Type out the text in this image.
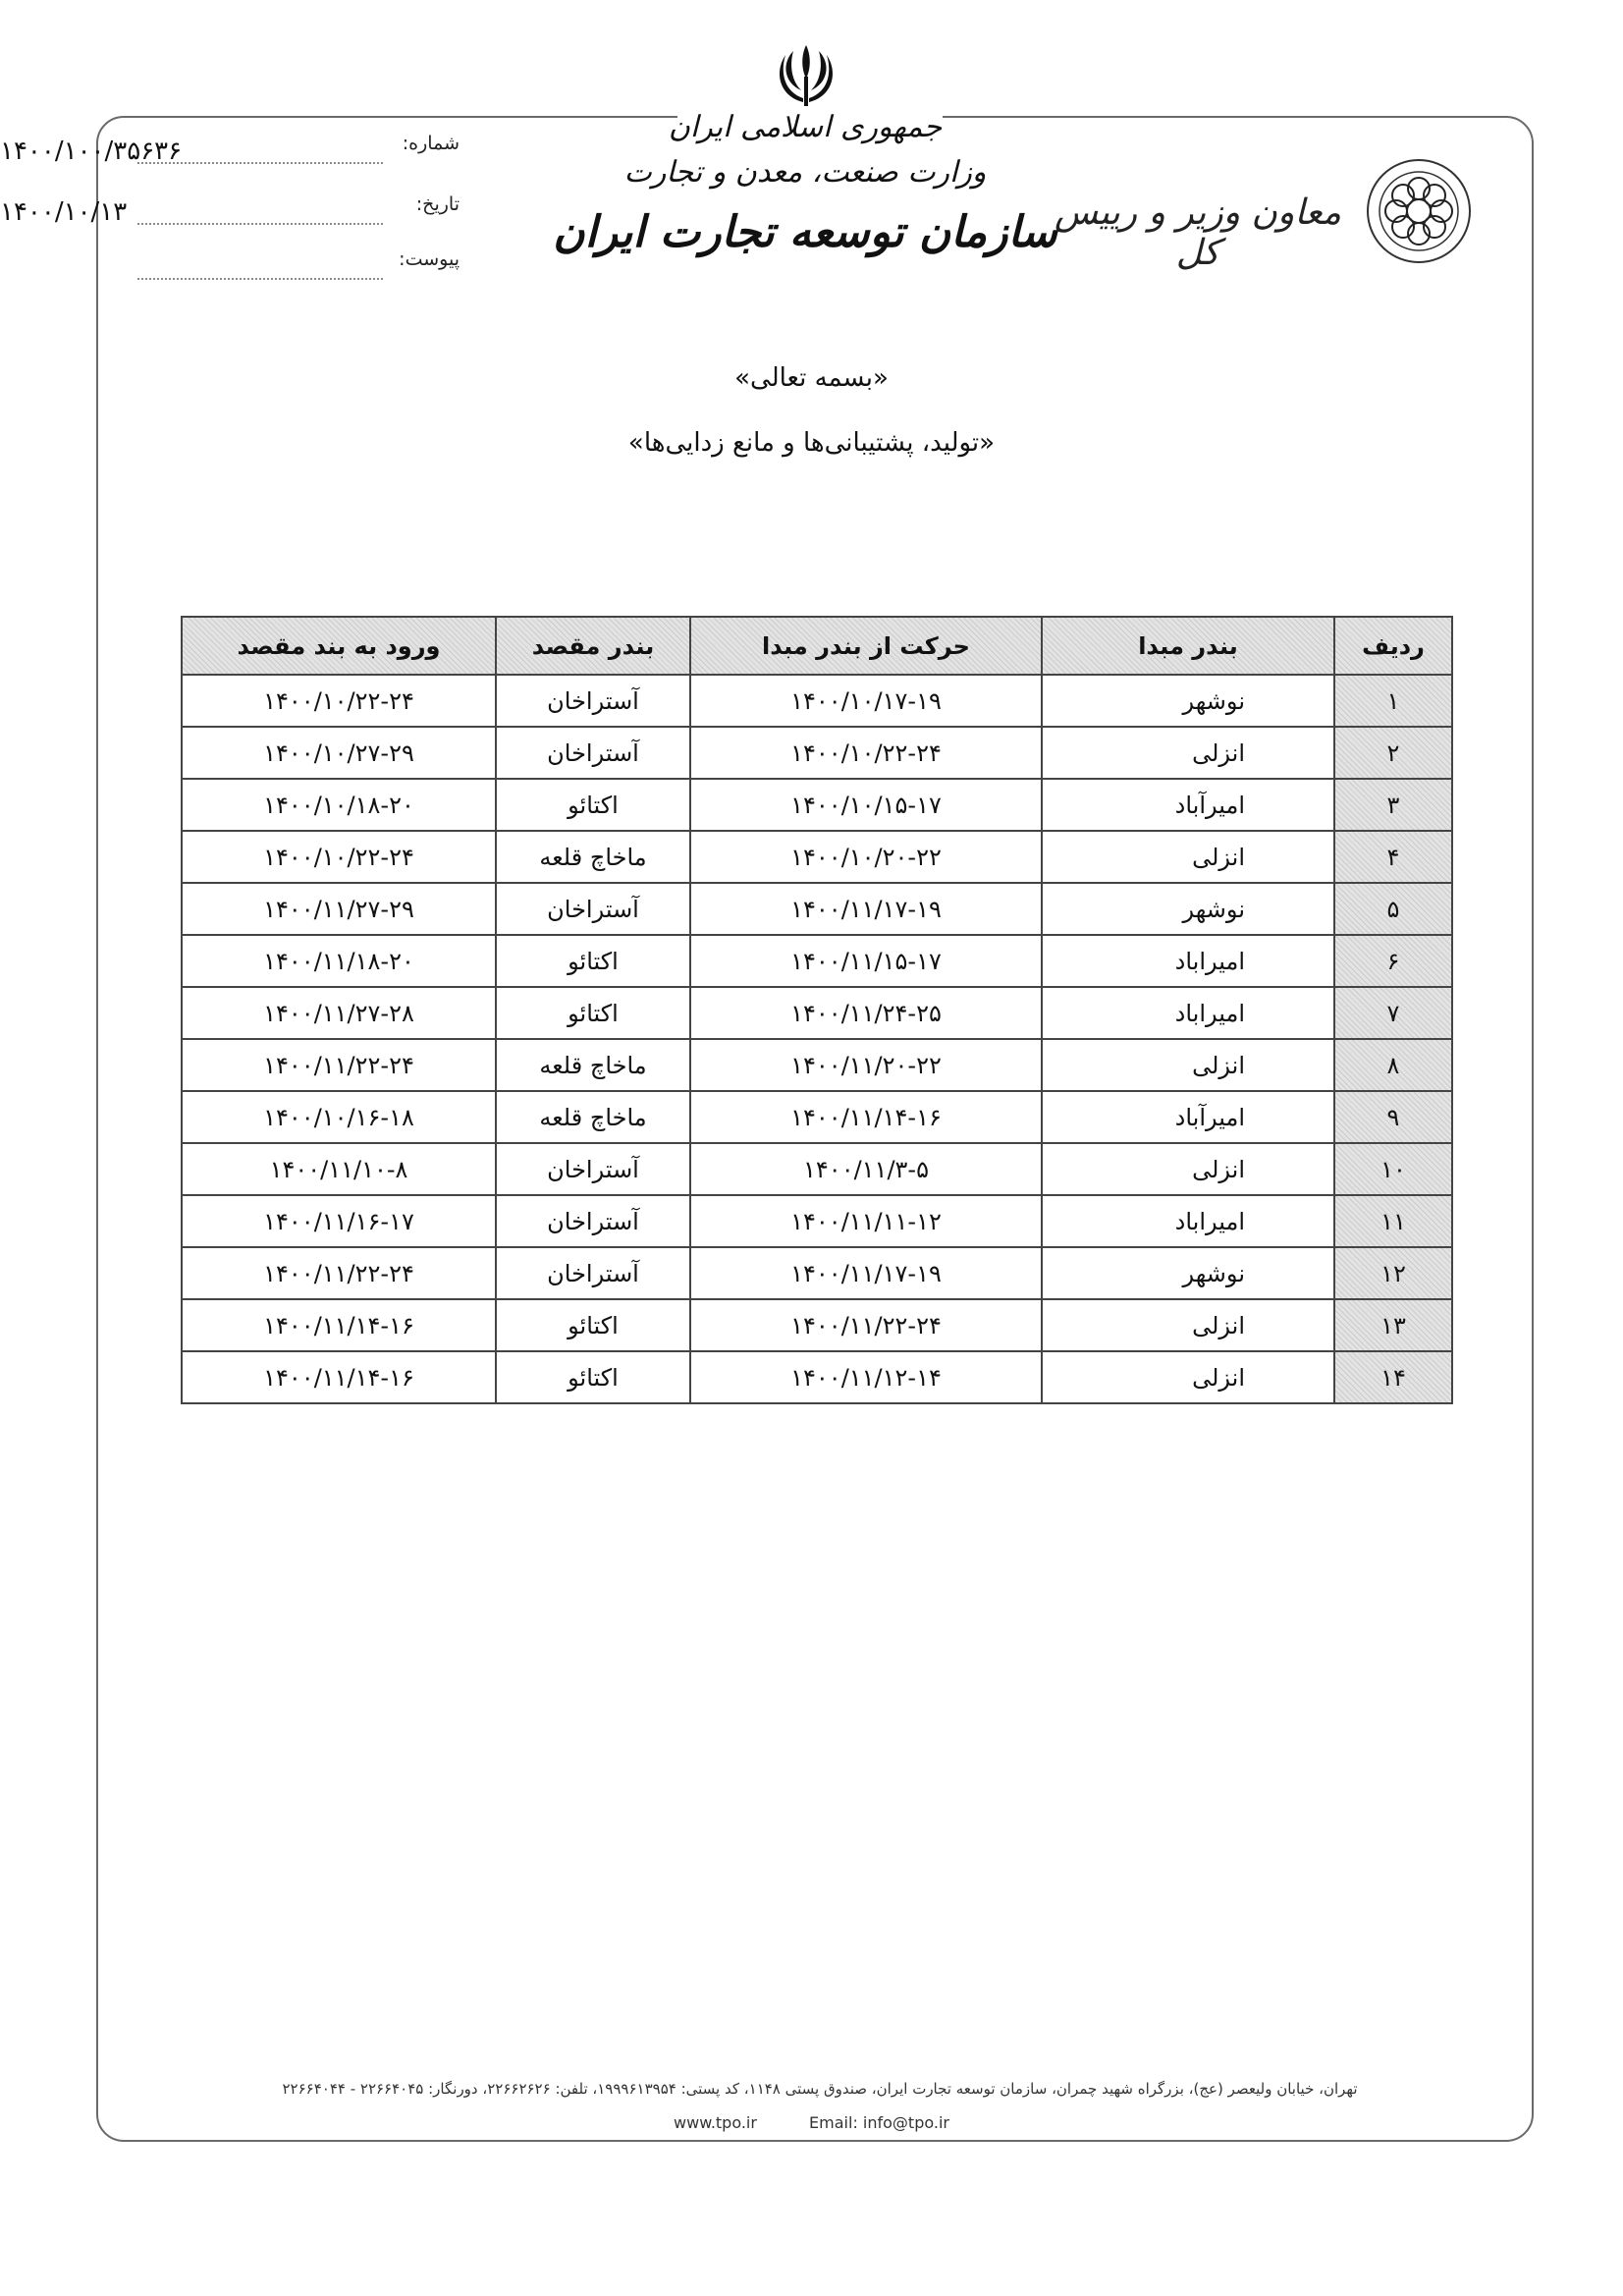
جمهوری اسلامی ایران
وزارت صنعت، معدن و تجارت
سازمان توسعه تجارت ایران
معاون وزیر و رییس کل
۱۴۰۰/۱۰۰/۳۵۶۳۶	شماره:
۱۴۰۰/۱۰/۱۳	تاریخ:
پیوست:
«بسمه تعالی»
«تولید، پشتیبانی‌ها و مانع زدایی‌ها»
ردیف	بندر مبدا	حرکت از بندر مبدا	بندر مقصد	ورود به بند مقصد
۱	نوشهر	۱۴۰۰/۱۰/۱۷-۱۹	آستراخان	۱۴۰۰/۱۰/۲۲-۲۴
۲	انزلی	۱۴۰۰/۱۰/۲۲-۲۴	آستراخان	۱۴۰۰/۱۰/۲۷-۲۹
۳	امیرآباد	۱۴۰۰/۱۰/۱۵-۱۷	اکتائو	۱۴۰۰/۱۰/۱۸-۲۰
۴	انزلی	۱۴۰۰/۱۰/۲۰-۲۲	ماخاچ قلعه	۱۴۰۰/۱۰/۲۲-۲۴
۵	نوشهر	۱۴۰۰/۱۱/۱۷-۱۹	آستراخان	۱۴۰۰/۱۱/۲۷-۲۹
۶	امیراباد	۱۴۰۰/۱۱/۱۵-۱۷	اکتائو	۱۴۰۰/۱۱/۱۸-۲۰
۷	امیراباد	۱۴۰۰/۱۱/۲۴-۲۵	اکتائو	۱۴۰۰/۱۱/۲۷-۲۸
۸	انزلی	۱۴۰۰/۱۱/۲۰-۲۲	ماخاچ قلعه	۱۴۰۰/۱۱/۲۲-۲۴
۹	امیرآباد	۱۴۰۰/۱۱/۱۴-۱۶	ماخاچ قلعه	۱۴۰۰/۱۰/۱۶-۱۸
۱۰	انزلی	۱۴۰۰/۱۱/۳-۵	آستراخان	۱۴۰۰/۱۱/۱۰-۸
۱۱	امیراباد	۱۴۰۰/۱۱/۱۱-۱۲	آستراخان	۱۴۰۰/۱۱/۱۶-۱۷
۱۲	نوشهر	۱۴۰۰/۱۱/۱۷-۱۹	آستراخان	۱۴۰۰/۱۱/۲۲-۲۴
۱۳	انزلی	۱۴۰۰/۱۱/۲۲-۲۴	اکتائو	۱۴۰۰/۱۱/۱۴-۱۶
۱۴	انزلی	۱۴۰۰/۱۱/۱۲-۱۴	اکتائو	۱۴۰۰/۱۱/۱۴-۱۶
تهران، خیابان ولیعصر (عج)، بزرگراه شهید چمران، سازمان توسعه تجارت ایران، صندوق پستی ۱۱۴۸، کد پستی: ۱۹۹۹۶۱۳۹۵۴، تلفن: ۲۲۶۶۲۶۲۶، دورنگار: ۲۲۶۶۴۰۴۵ - ۲۲۶۶۴۰۴۴
www.tpo.ir	Email: info@tpo.ir
